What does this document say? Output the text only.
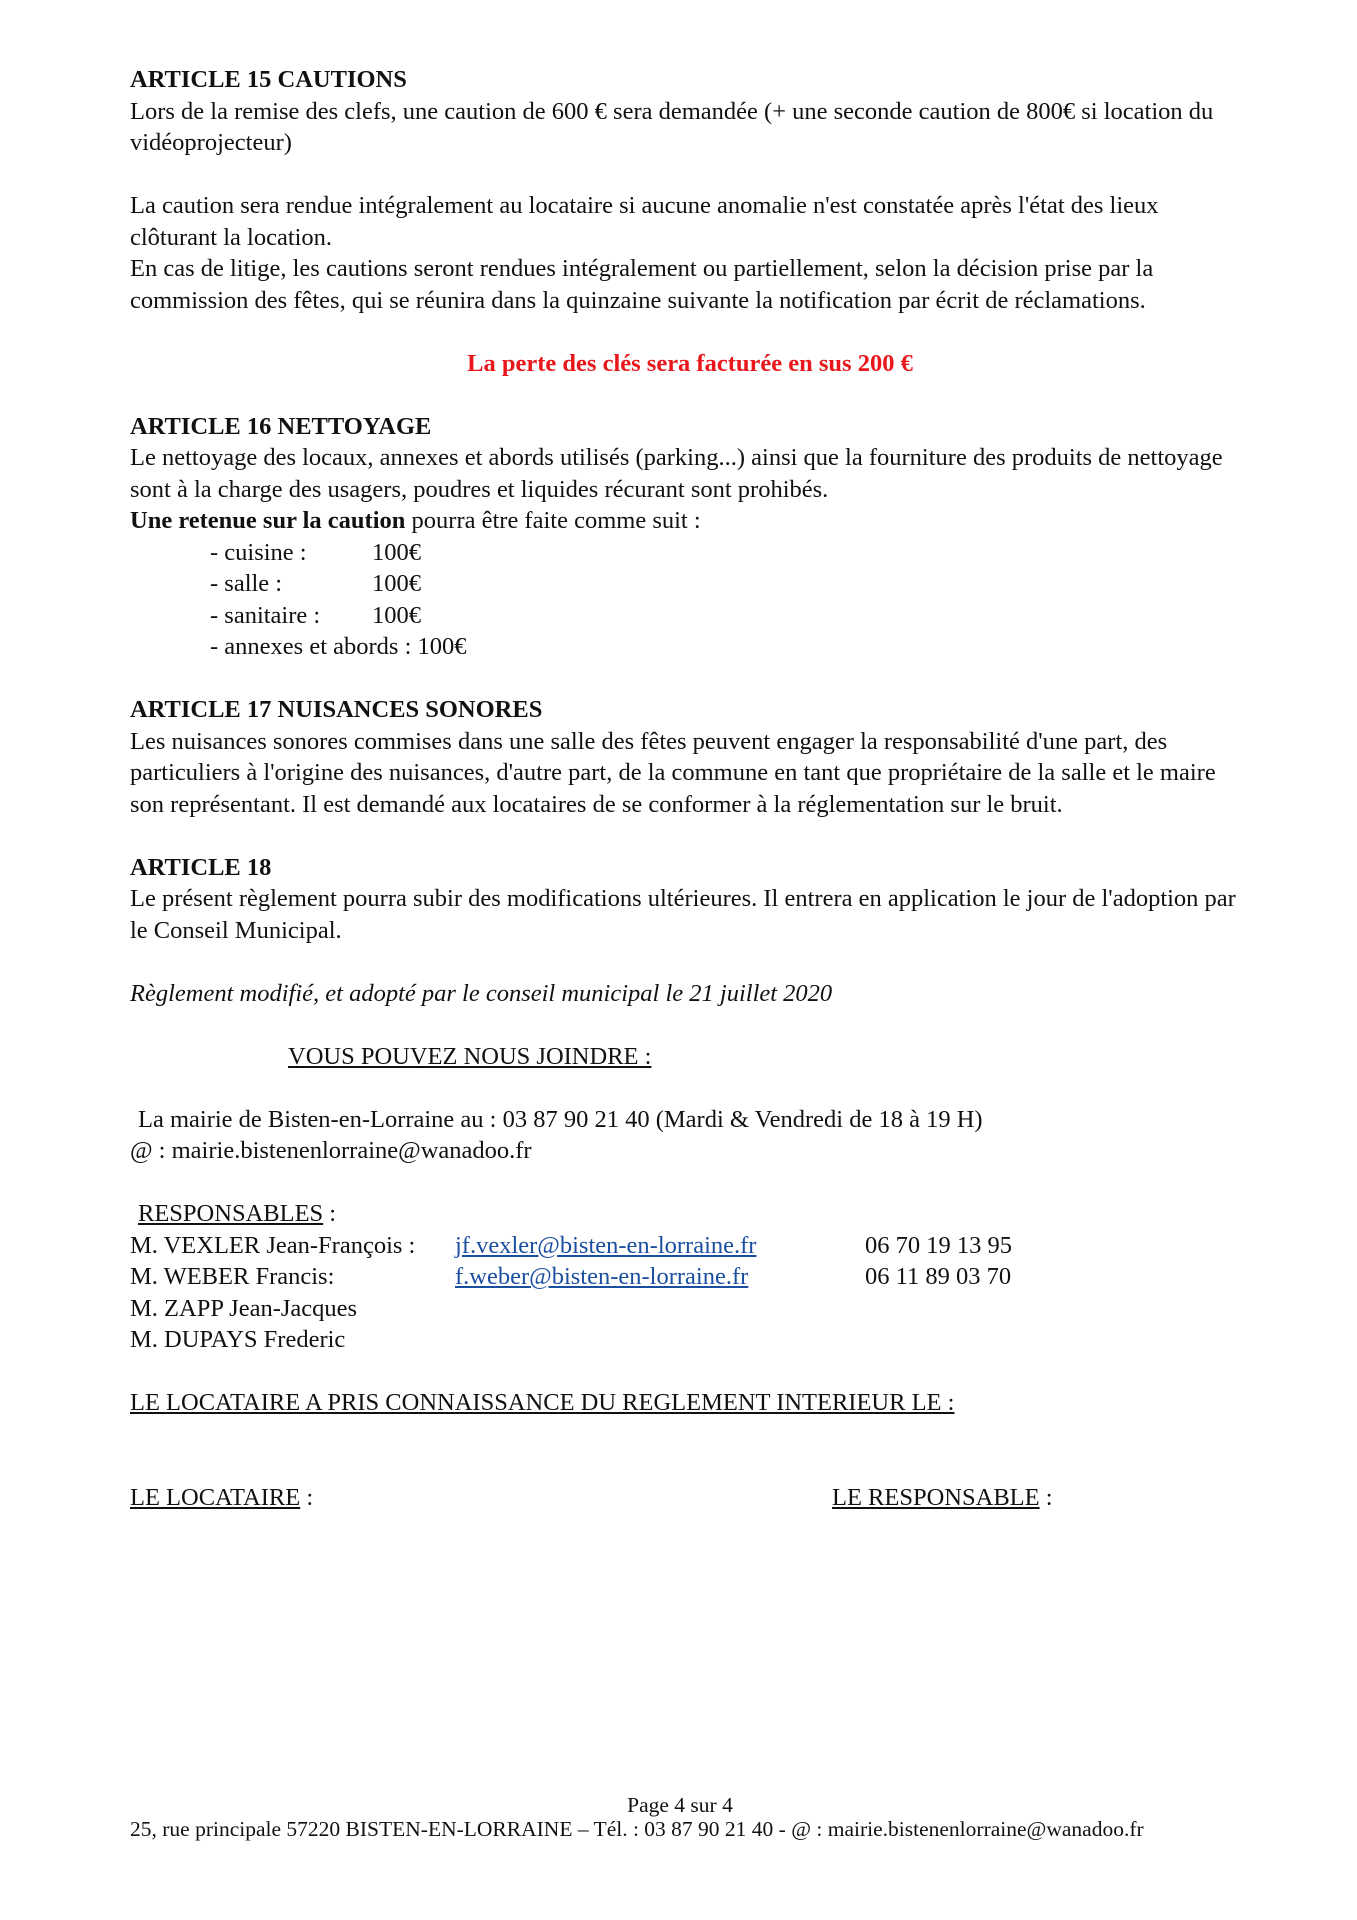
ARTICLE 15 CAUTIONS

Lors de la remise des clefs, une caution de 600 € sera demandée (+ une seconde caution de 800€ si location du vidéoprojecteur)

La caution sera rendue intégralement au locataire si aucune anomalie n'est constatée après l'état des lieux clôturant la location.

En cas de litige, les cautions seront rendues intégralement ou partiellement, selon la décision prise par la commission des fêtes, qui se réunira dans la quinzaine suivante la notification par écrit de réclamations.

La perte des clés sera facturée en sus 200 €

ARTICLE 16 NETTOYAGE

Le nettoyage des locaux, annexes et abords utilisés (parking...) ainsi que la fourniture des produits de nettoyage sont à la charge des usagers, poudres et liquides récurant sont prohibés.

Une retenue sur la caution pourra être faite comme suit :

- cuisine :	100€
- salle :	100€
- sanitaire :	100€
- annexes et abords : 100€

ARTICLE 17 NUISANCES SONORES

Les nuisances sonores commises dans une salle des fêtes peuvent engager la responsabilité d'une part, des particuliers à l'origine des nuisances, d'autre part, de la commune en tant que propriétaire de la salle et le maire son représentant. Il est demandé aux locataires de se conformer à la réglementation sur le bruit.

ARTICLE 18

Le présent règlement pourra subir des modifications ultérieures. Il entrera en application le jour de l'adoption par le Conseil Municipal.

Règlement modifié, et adopté par le conseil municipal le 21 juillet 2020

VOUS POUVEZ NOUS JOINDRE :

La mairie de Bisten-en-Lorraine au : 03 87 90 21 40 (Mardi & Vendredi de 18 à 19 H)

@ : mairie.bistenenlorraine@wanadoo.fr

RESPONSABLES :

M. VEXLER Jean-François :	jf.vexler@bisten-en-lorraine.fr	06 70 19 13 95
M. WEBER Francis:	f.weber@bisten-en-lorraine.fr	06 11 89 03 70
M. ZAPP Jean-Jacques
M. DUPAYS Frederic

LE LOCATAIRE A PRIS CONNAISSANCE DU REGLEMENT INTERIEUR LE :

LE LOCATAIRE :	LE RESPONSABLE :
Page 4 sur 4
25, rue principale 57220 BISTEN-EN-LORRAINE – Tél. : 03 87 90 21 40 - @ : mairie.bistenenlorraine@wanadoo.fr
